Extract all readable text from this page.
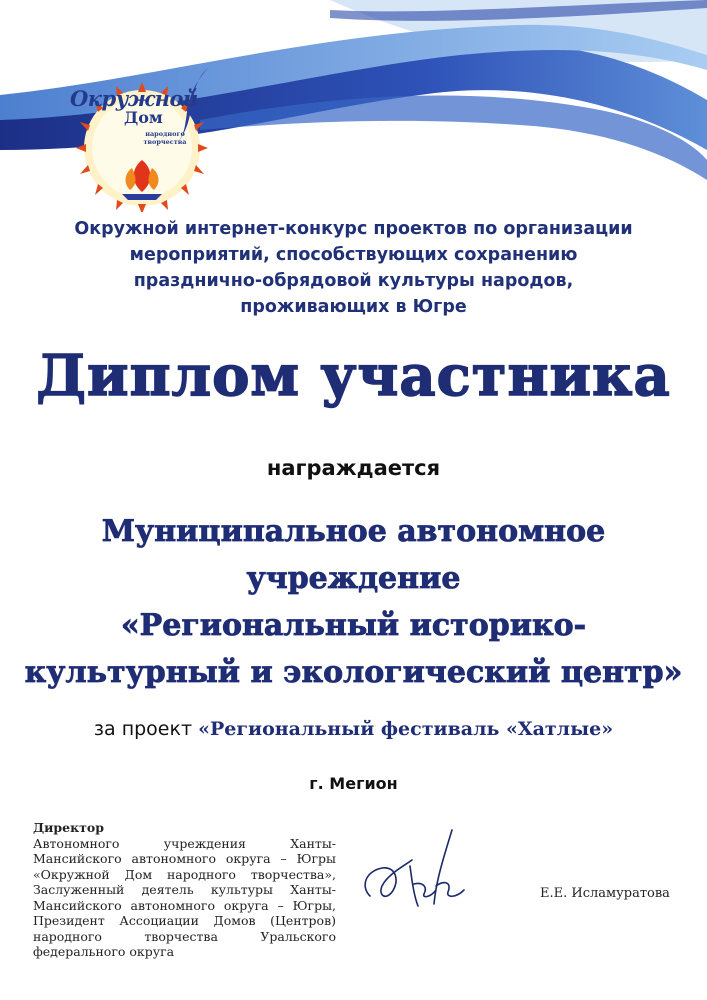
Окружной
Дом
народного творчества
Окружной интернет-конкурс проектов по организации
мероприятий, способствующих сохранению
празднично-обрядовой культуры народов,
проживающих в Югре
Диплом участника
награждается
Муниципальное автономное
учреждение
«Региональный историко-
культурный и экологический центр»
за проект «Региональный фестиваль «Хатлые»
г. Мегион
Директор
Автономного учреждения Ханты-Мансийского автономного округа – Югры «Окружной Дом народного творчества», Заслуженный деятель культуры Ханты-Мансийского автономного округа – Югры, Президент Ассоциации Домов (Центров) народного творчества Уральского федерального округа
Е.Е. Исламуратова
